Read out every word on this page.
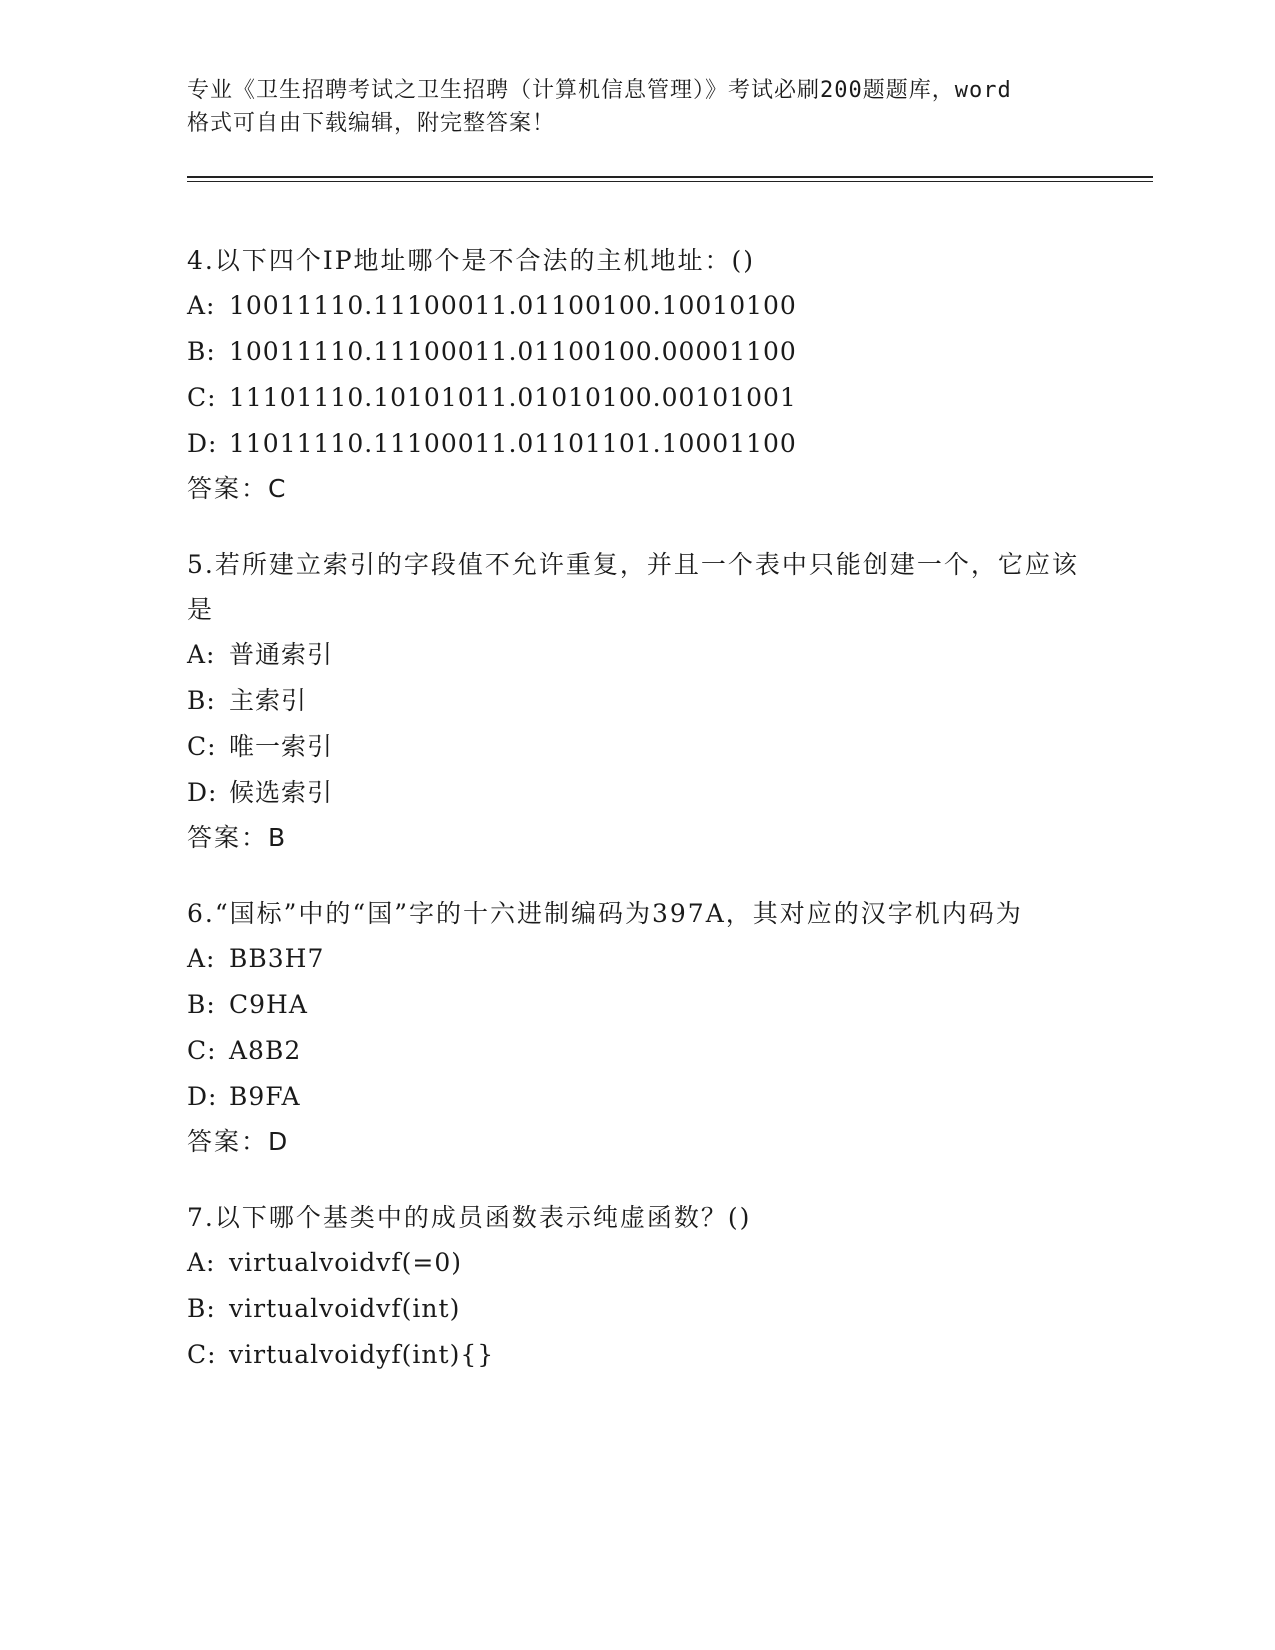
专业《卫生招聘考试之卫生招聘（计算机信息管理）》考试必刷200题题库，word
格式可自由下载编辑，附完整答案！
4.以下四个IP地址哪个是不合法的主机地址：()
A: 10011110.11100011.01100100.10010100
B: 10011110.11100011.01100100.00001100
C: 11101110.10101011.01010100.00101001
D: 11011110.11100011.01101101.10001100
答案：C
5.若所建立索引的字段值不允许重复，并且一个表中只能创建一个，它应该是
A: 普通索引
B: 主索引
C: 唯一索引
D: 候选索引
答案：B
6.“国标”中的“国”字的十六进制编码为397A，其对应的汉字机内码为
A: BB3H7
B: C9HA
C: A8B2
D: B9FA
答案：D
7.以下哪个基类中的成员函数表示纯虚函数？()
A: virtualvoidvf(=0)
B: virtualvoidvf(int)
C: virtualvoidyf(int){}
